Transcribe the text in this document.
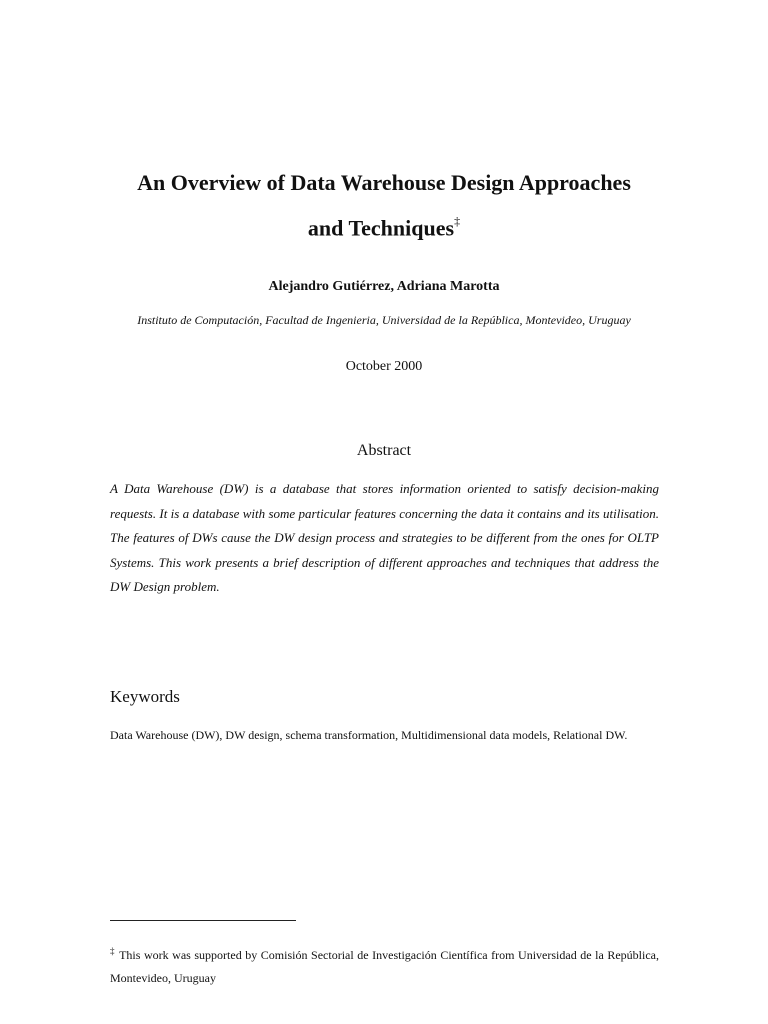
An Overview of Data Warehouse Design Approaches
and Techniques‡
Alejandro Gutiérrez, Adriana Marotta
Instituto de Computación, Facultad de Ingenieria, Universidad de la República, Montevideo, Uruguay
October 2000
Abstract

A Data Warehouse (DW) is a database that stores information oriented to satisfy decision-making requests. It is a database with some particular features concerning the data it contains and its utilisation. The features of DWs cause the DW design process and strategies to be different from the ones for OLTP Systems. This work presents a brief description of different approaches and techniques that address the DW Design problem.

Keywords

Data Warehouse (DW), DW design, schema transformation, Multidimensional data models, Relational DW.

‡ This work was supported by Comisión Sectorial de Investigación Científica from Universidad de la República, Montevideo, Uruguay
